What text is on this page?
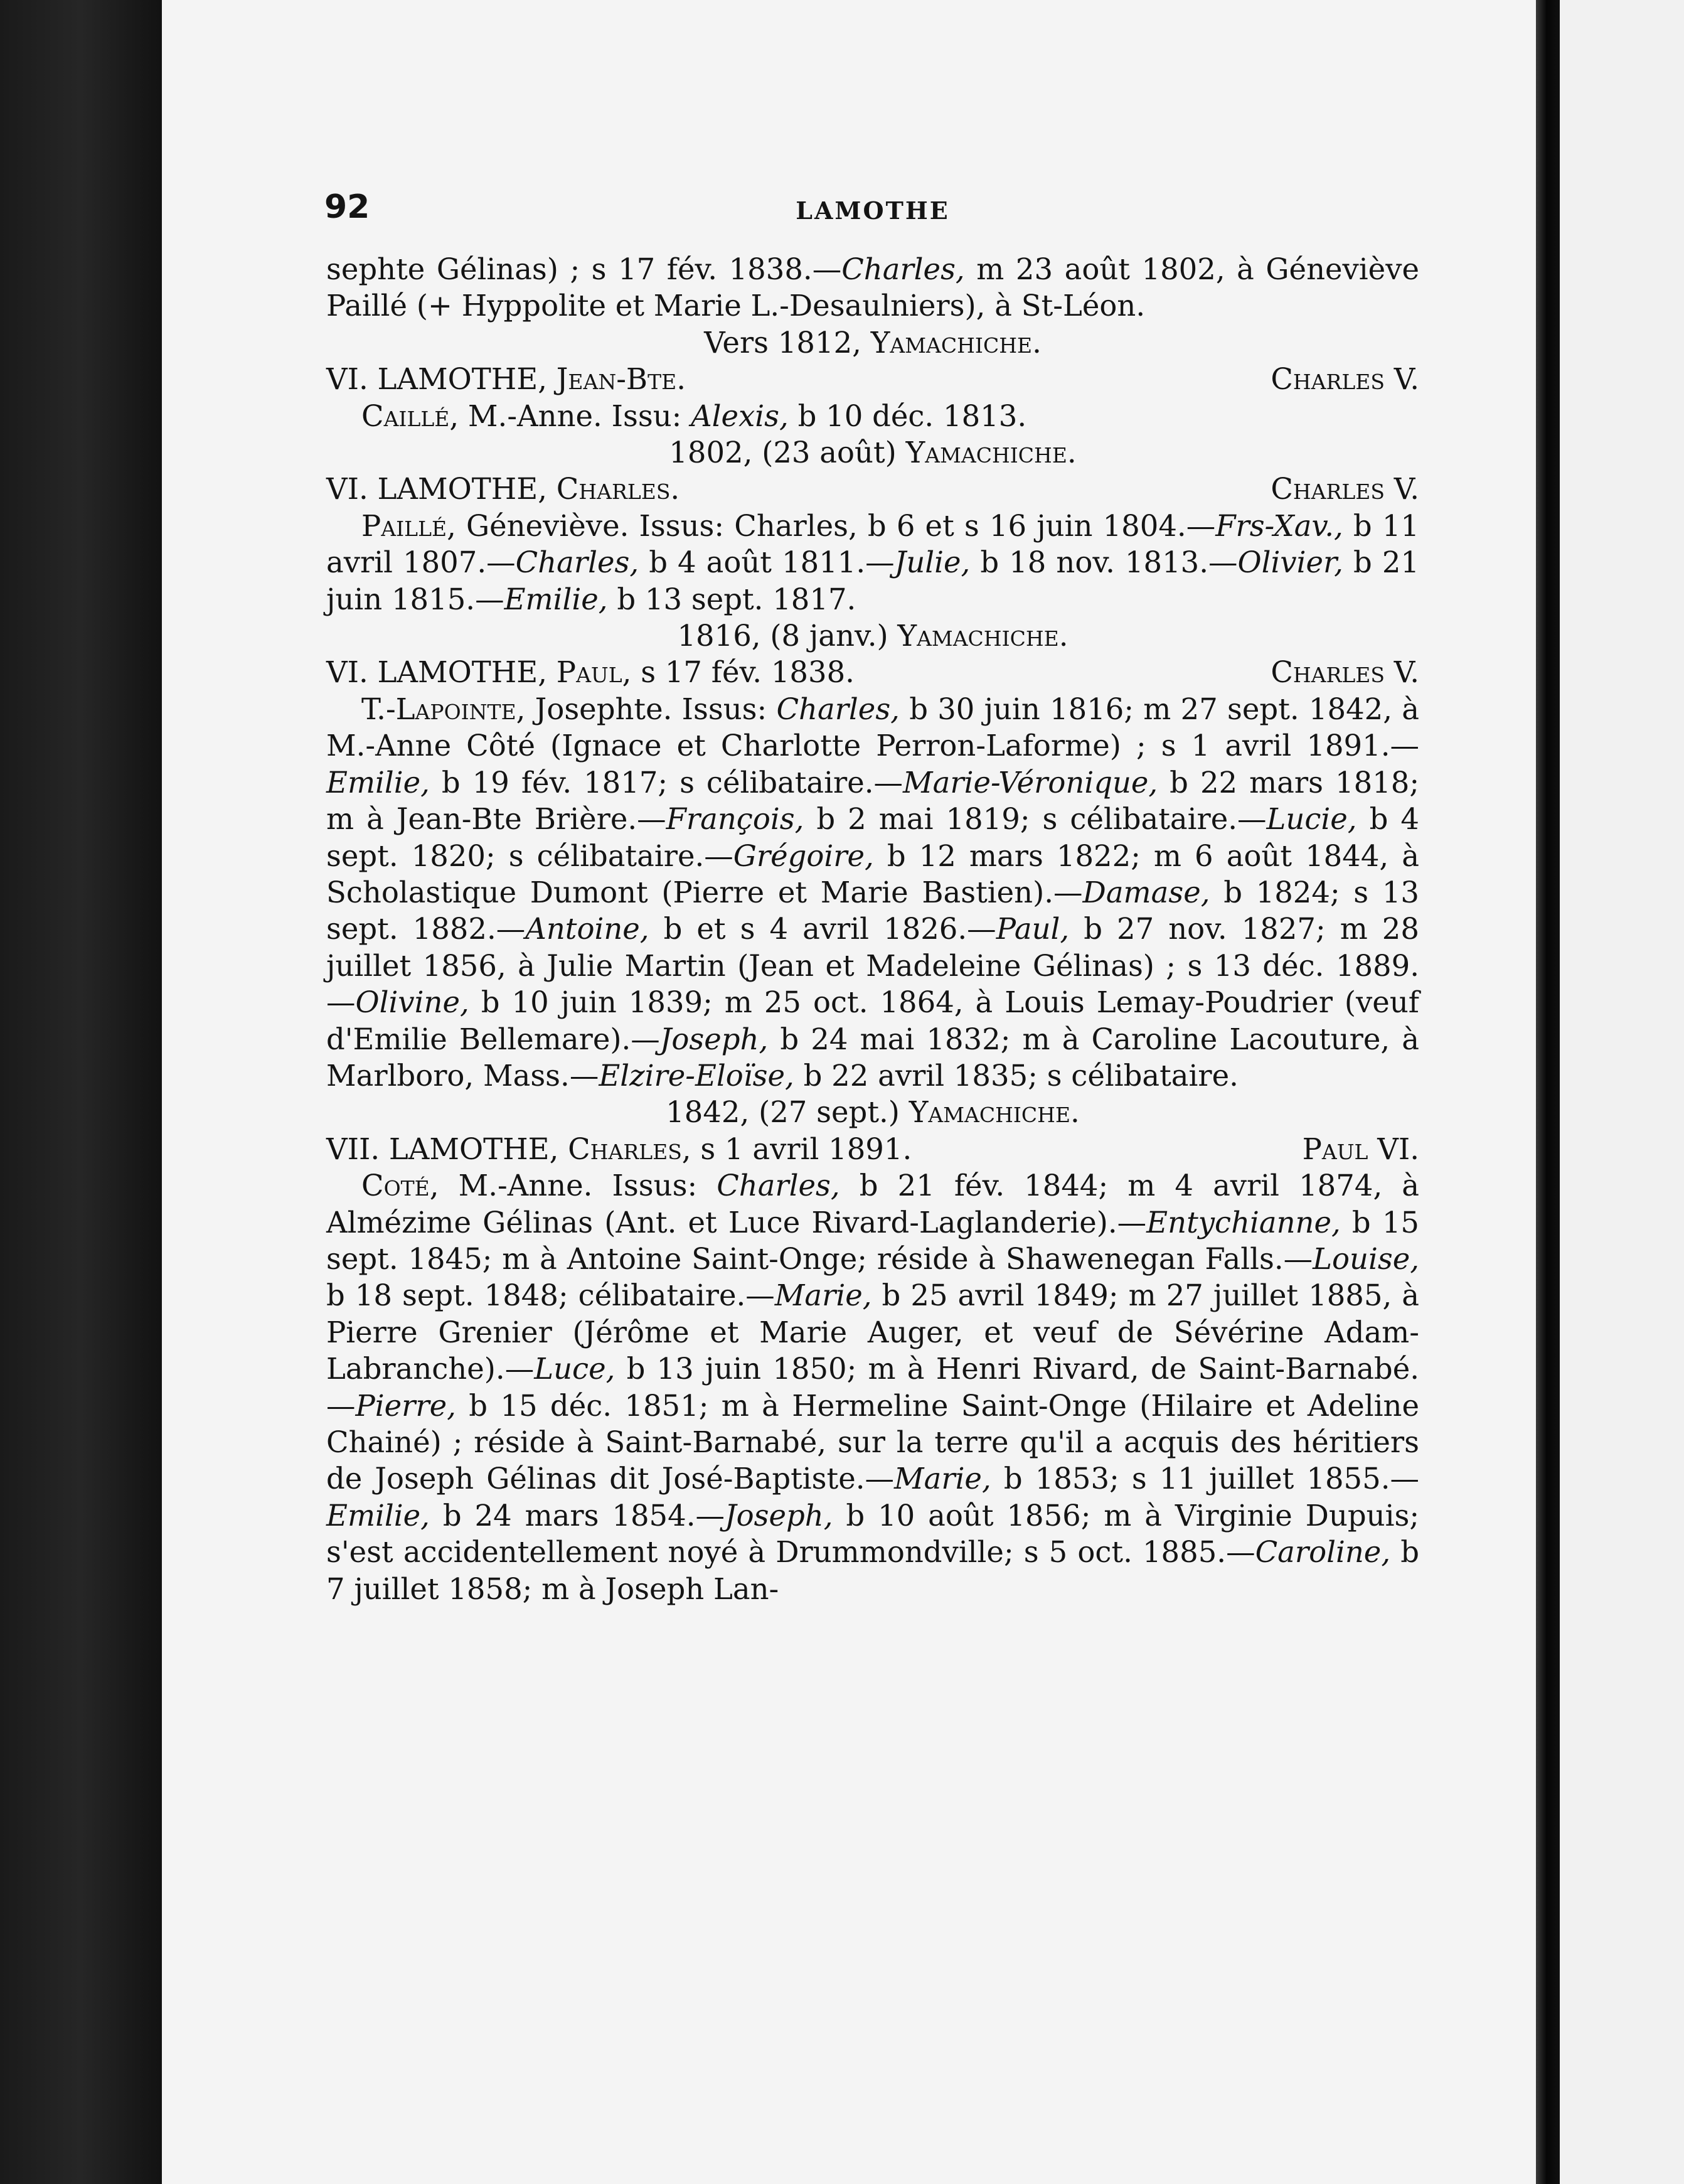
92	LAMOTHE
sephte Gélinas) ; s 17 fév. 1838.—Charles, m 23 août 1802, à Géneviève Paillé (+ Hyppolite et Marie L.-Desaulniers), à St-Léon.
Vers 1812, Yamachiche.
VI. LAMOTHE, Jean-Bte.	Charles V.
Caillé, M.-Anne. Issu: Alexis, b 10 déc. 1813.
1802, (23 août) Yamachiche.
VI. LAMOTHE, Charles.	Charles V.
Paillé, Géneviève. Issus: Charles, b 6 et s 16 juin 1804.—Frs-Xav., b 11 avril 1807.—Charles, b 4 août 1811.—Julie, b 18 nov. 1813.—Olivier, b 21 juin 1815.—Emilie, b 13 sept. 1817.
1816, (8 janv.) Yamachiche.
VI. LAMOTHE, Paul, s 17 fév. 1838.	Charles V.
T.-Lapointe, Josephte. Issus: Charles, b 30 juin 1816; m 27 sept. 1842, à M.-Anne Côté (Ignace et Charlotte Perron-Laforme) ; s 1 avril 1891.—Emilie, b 19 fév. 1817; s célibataire.—Marie-Véronique, b 22 mars 1818; m à Jean-Bte Brière.—François, b 2 mai 1819; s célibataire.—Lucie, b 4 sept. 1820; s célibataire.—Grégoire, b 12 mars 1822; m 6 août 1844, à Scholastique Dumont (Pierre et Marie Bastien).—Damase, b 1824; s 13 sept. 1882.—Antoine, b et s 4 avril 1826.—Paul, b 27 nov. 1827; m 28 juillet 1856, à Julie Martin (Jean et Madeleine Gélinas) ; s 13 déc. 1889. —Olivine, b 10 juin 1839; m 25 oct. 1864, à Louis Lemay-Poudrier (veuf d'Emilie Bellemare).—Joseph, b 24 mai 1832; m à Caroline Lacouture, à Marlboro, Mass.—Elzire-Eloïse, b 22 avril 1835; s célibataire.
1842, (27 sept.) Yamachiche.
VII. LAMOTHE, Charles, s 1 avril 1891.	Paul VI.
Coté, M.-Anne. Issus: Charles, b 21 fév. 1844; m 4 avril 1874, à Almézime Gélinas (Ant. et Luce Rivard-Laglanderie).—Entychianne, b 15 sept. 1845; m à Antoine Saint-Onge; réside à Shawenegan Falls.—Louise, b 18 sept. 1848; célibataire.—Marie, b 25 avril 1849; m 27 juillet 1885, à Pierre Grenier (Jérôme et Marie Auger, et veuf de Sévérine Adam-Labranche).—Luce, b 13 juin 1850; m à Henri Rivard, de Saint-Barnabé.—Pierre, b 15 déc. 1851; m à Hermeline Saint-Onge (Hilaire et Adeline Chainé) ; réside à Saint-Barnabé, sur la terre qu'il a acquis des héritiers de Joseph Gélinas dit José-Baptiste.—Marie, b 1853; s 11 juillet 1855.—Emilie, b 24 mars 1854.—Joseph, b 10 août 1856; m à Virginie Dupuis; s'est accidentellement noyé à Drummondville; s 5 oct. 1885.—Caroline, b 7 juillet 1858; m à Joseph Lan-
